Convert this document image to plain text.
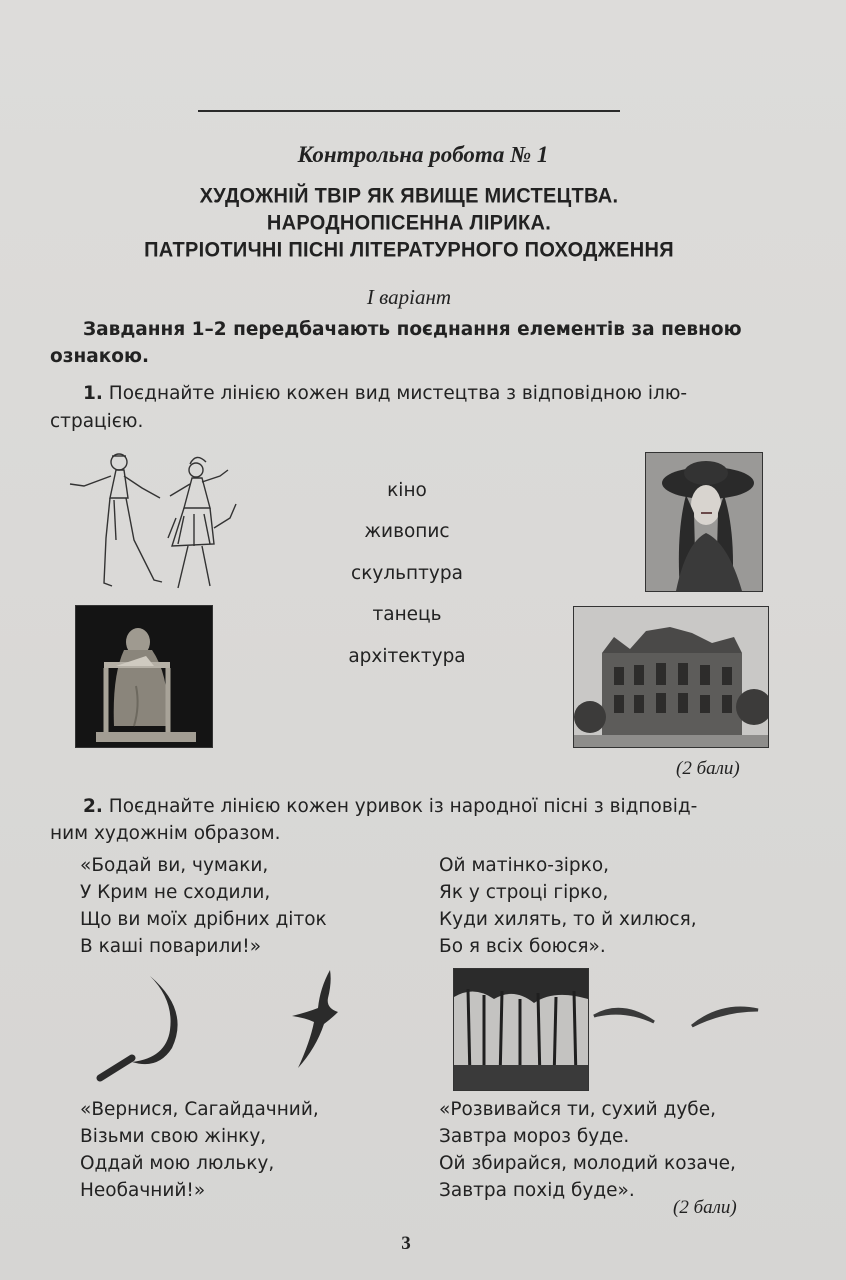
Контрольна робота № 1
ХУДОЖНІЙ ТВІР ЯК ЯВИЩЕ МИСТЕЦТВА.
НАРОДНОПІСЕННА ЛІРИКА.
ПАТРІОТИЧНІ ПІСНІ ЛІТЕРАТУРНОГО ПОХОДЖЕННЯ
І варіант
Завдання 1–2 передбачають поєднання елементів за певною
ознакою.
1. Поєднайте лінією кожен вид мистецтва з відповідною ілю-
страцією.
кіно
живопис
скульптура
танець
архітектура
(2 бали)
2. Поєднайте лінією кожен уривок із народної пісні з відповід-
ним художнім образом.
«Бодай ви, чумаки,
У Крим не сходили,
Що ви моїх дрібних діток
В каші поварили!»
Ой матінко-зірко,
Як у строці гірко,
Куди хилять, то й хилюся,
Бо я всіх боюся».
«Вернися, Сагайдачний,
Візьми свою жінку,
Оддай мою люльку,
Необачний!»
«Розвивайся ти, сухий дубе,
Завтра мороз буде.
Ой збирайся, молодий козаче,
Завтра похід буде».
(2 бали)
3
